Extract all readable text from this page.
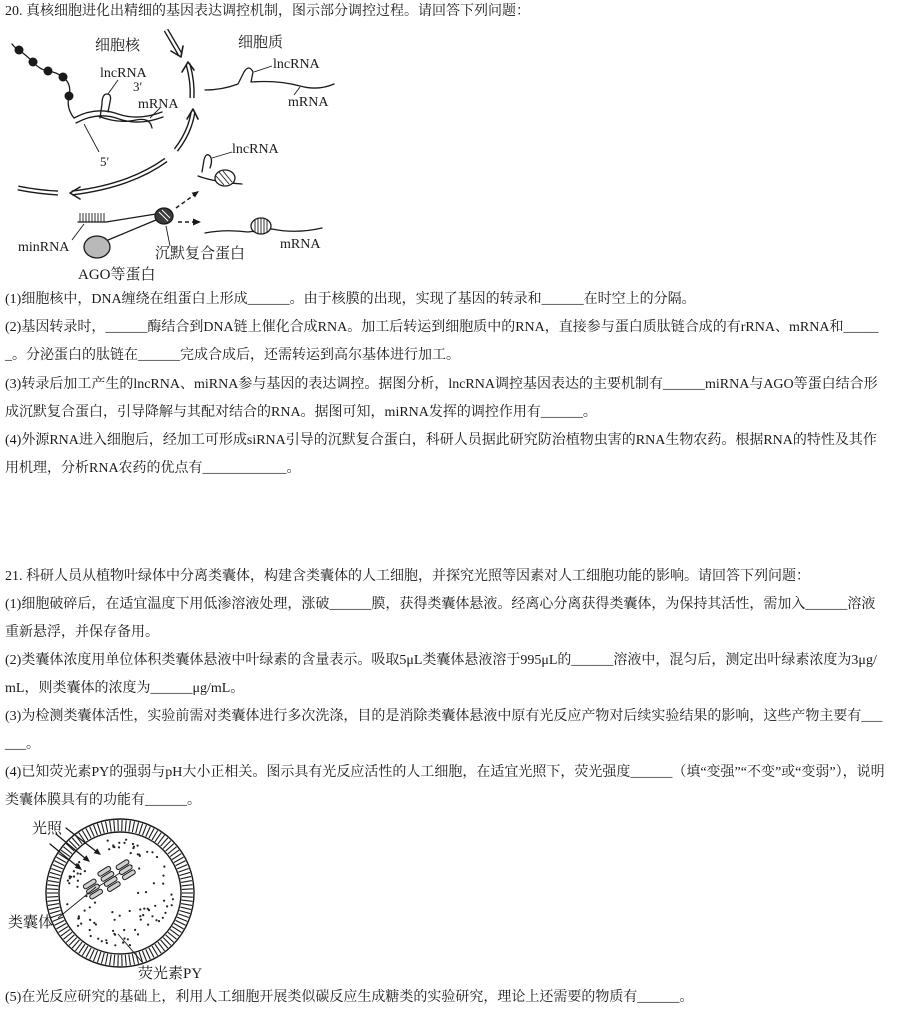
20. 真核细胞进化出精细的基因表达调控机制，图示部分调控过程。请回答下列问题：

细胞核
lncRNA
3′
mRNA
5′
细胞质
lncRNA
mRNA
lncRNA
minRNA	沉默复合蛋白
mRNA
AGO等蛋白

(1)细胞核中，DNA缠绕在组蛋白上形成______。由于核膜的出现，实现了基因的转录和______在时空上的分隔。

(2)基因转录时，______酶结合到DNA链上催化合成RNA。加工后转运到细胞质中的RNA，直接参与蛋白质肽链合成的有rRNA、mRNA和______。分泌蛋白的肽链在______完成合成后，还需转运到高尔基体进行加工。

(3)转录后加工产生的lncRNA、miRNA参与基因的表达调控。据图分析，lncRNA调控基因表达的主要机制有______miRNA与AGO等蛋白结合形成沉默复合蛋白，引导降解与其配对结合的RNA。据图可知，miRNA发挥的调控作用有______。

(4)外源RNA进入细胞后，经加工可形成siRNA引导的沉默复合蛋白，科研人员据此研究防治植物虫害的RNA生物农药。根据RNA的特性及其作用机理，分析RNA农药的优点有____________。

21. 科研人员从植物叶绿体中分离类囊体，构建含类囊体的人工细胞，并探究光照等因素对人工细胞功能的影响。请回答下列问题：

(1)细胞破碎后，在适宜温度下用低渗溶液处理，涨破______膜，获得类囊体悬液。经离心分离获得类囊体，为保持其活性，需加入______溶液重新悬浮，并保存备用。

(2)类囊体浓度用单位体积类囊体悬液中叶绿素的含量表示。吸取5μL类囊体悬液溶于995μL的______溶液中，混匀后，测定出叶绿素浓度为3μg/mL，则类囊体的浓度为______μg/mL。

(3)为检测类囊体活性，实验前需对类囊体进行多次洗涤，目的是消除类囊体悬液中原有光反应产物对后续实验结果的影响，这些产物主要有______。

(4)已知荧光素PY的强弱与pH大小正相关。图示具有光反应活性的人工细胞，在适宜光照下，荧光强度______（填“变强”“不变”或“变弱”），说明类囊体膜具有的功能有______。

光照
类囊体
荧光素PY

(5)在光反应研究的基础上，利用人工细胞开展类似碳反应生成糖类的实验研究，理论上还需要的物质有______。
